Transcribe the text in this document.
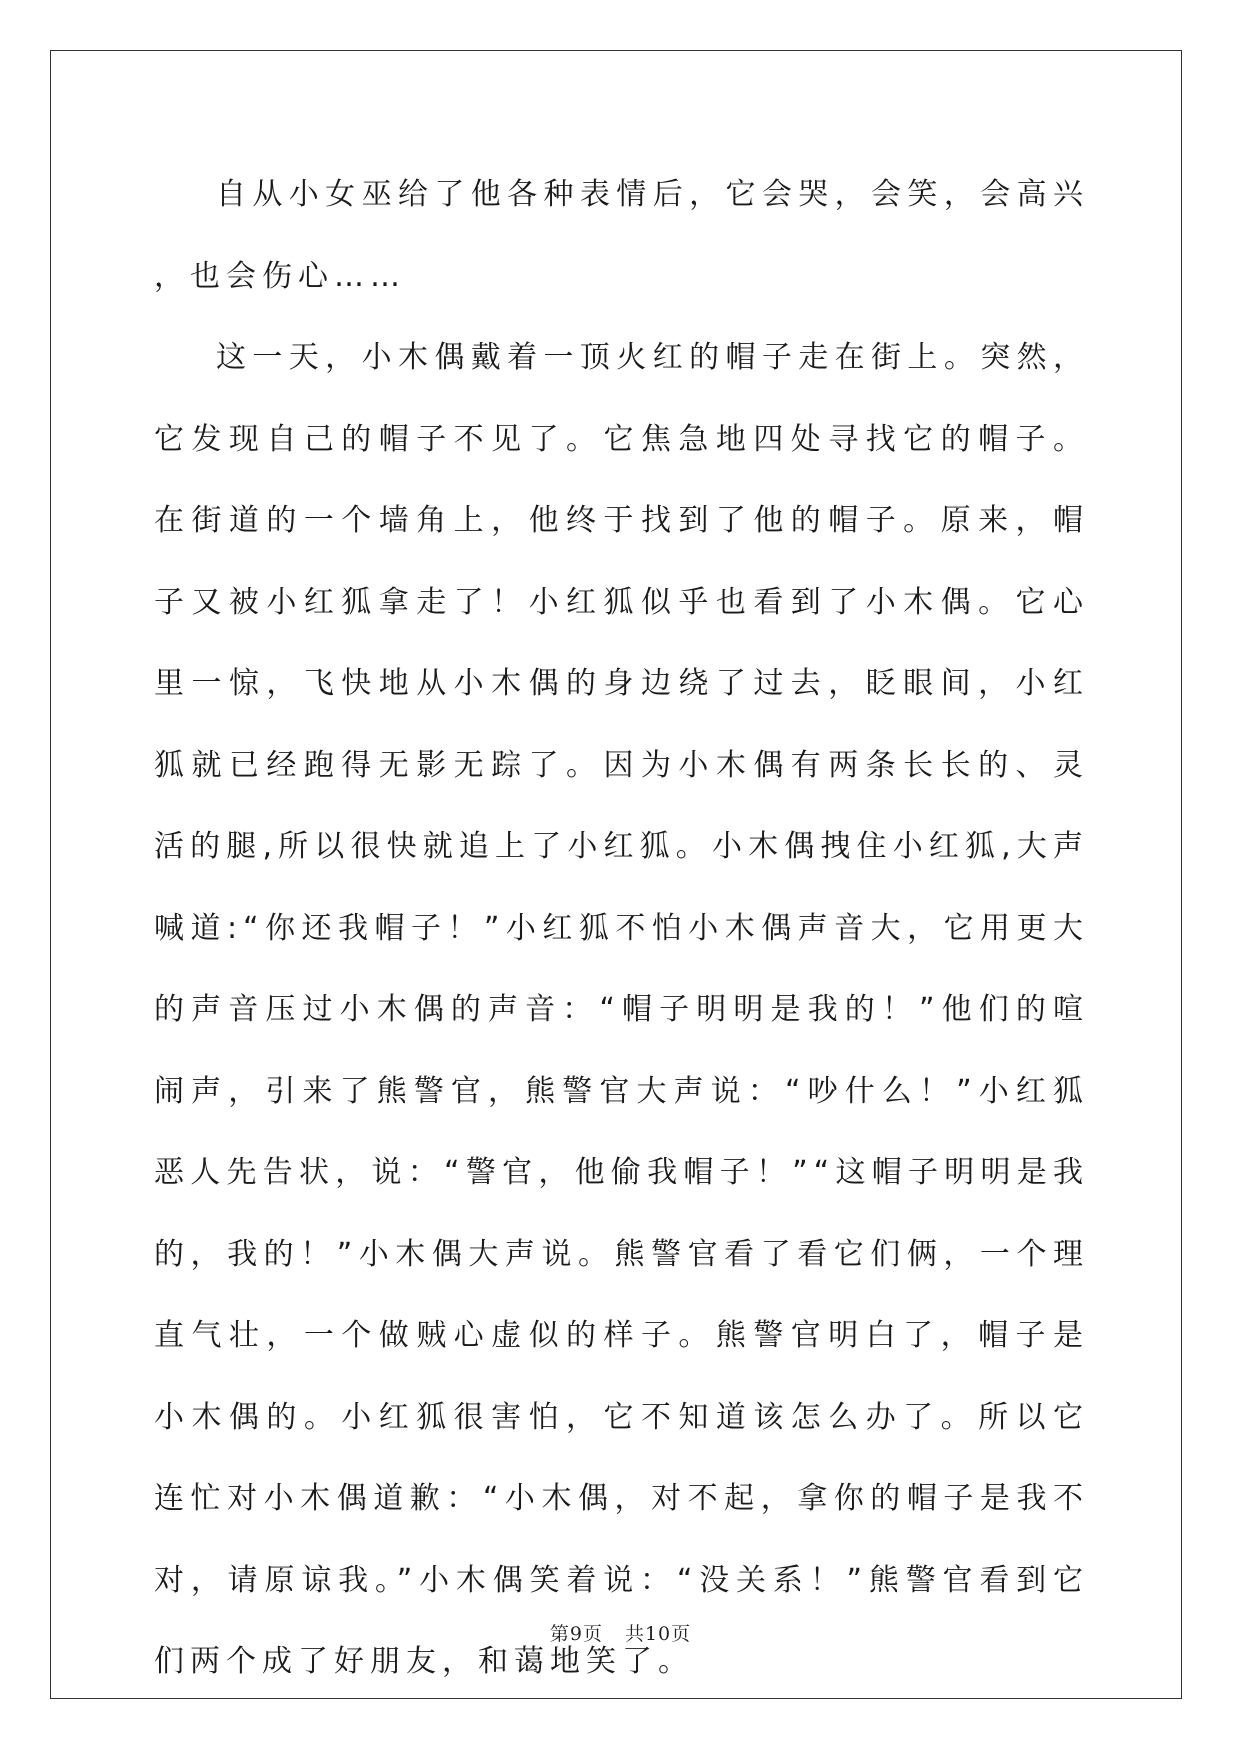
自从小女巫给了他各种表情后，它会哭，会笑，会高兴，也会伤心……

这一天，小木偶戴着一顶火红的帽子走在街上。突然，它发现自己的帽子不见了。它焦急地四处寻找它的帽子。在街道的一个墙角上，他终于找到了他的帽子。原来，帽子又被小红狐拿走了！小红狐似乎也看到了小木偶。它心里一惊，飞快地从小木偶的身边绕了过去，眨眼间，小红狐就已经跑得无影无踪了。因为小木偶有两条长长的、灵活的腿,所以很快就追上了小红狐。小木偶拽住小红狐,大声喊道:“你还我帽子！”小红狐不怕小木偶声音大，它用更大的声音压过小木偶的声音：“帽子明明是我的！”他们的喧闹声，引来了熊警官，熊警官大声说：“吵什么！”小红狐恶人先告状，说：“警官，他偷我帽子！”“这帽子明明是我的，我的！”小木偶大声说。熊警官看了看它们俩，一个理直气壮，一个做贼心虚似的样子。熊警官明白了，帽子是小木偶的。小红狐很害怕，它不知道该怎么办了。所以它连忙对小木偶道歉：“小木偶，对不起，拿你的帽子是我不对，请原谅我。”小木偶笑着说：“没关系！”熊警官看到它们两个成了好朋友，和蔼地笑了。

第9页 共10页
